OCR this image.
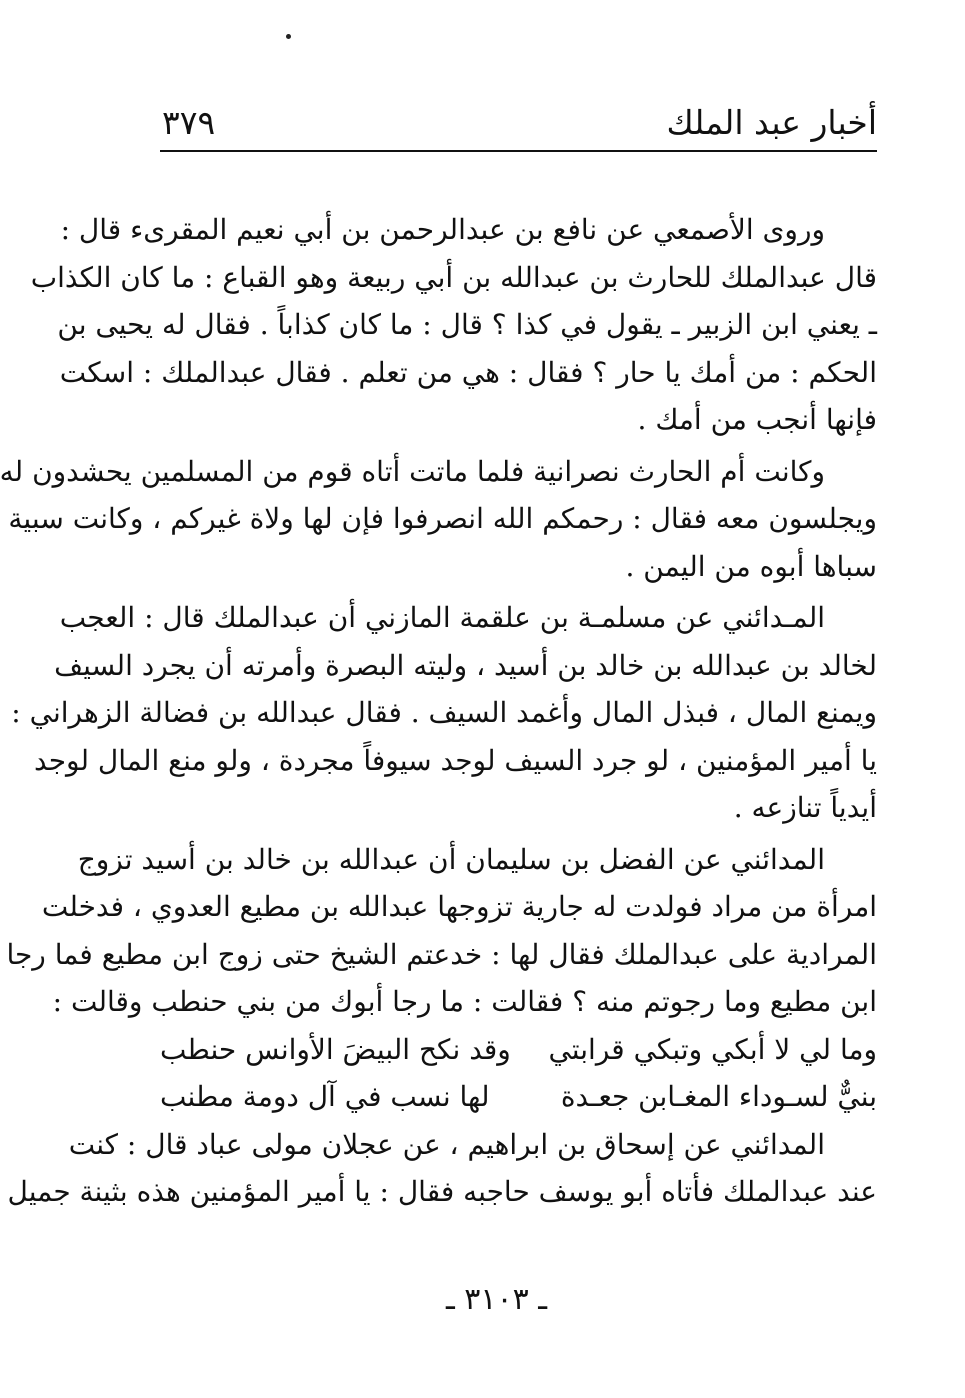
أخبار عبد الملك
٣٧٩
وروى الأصمعي عن نافع بن عبدالرحمن بن أبي نعيم المقرىء قال :
قال عبدالملك للحارث بن عبدالله بن أبي ربيعة وهو القباع : ما كان الكذاب
ـ يعني ابن الزبير ـ يقول في كذا ؟ قال : ما كان كذاباً . فقال له يحيى بن
الحكم : من أمك يا حار ؟ فقال : هي من تعلم . فقال عبدالملك : اسكت
فإنها أنجب من أمك .
وكانت أم الحارث نصرانية فلما ماتت أتاه قوم من المسلمين يحشدون له
ويجلسون معه فقال : رحمكم الله انصرفوا فإن لها ولاة غيركم ، وكانت سبية
سباها أبوه من اليمن .
المـدائني عن مسلمـة بن علقمة المازني أن عبدالملك قال : العجب
لخالد بن عبدالله بن خالد بن أسيد ، وليته البصرة وأمرته أن يجرد السيف
ويمنع المال ، فبذل المال وأغمد السيف . فقال عبدالله بن فضالة الزهراني :
يا أمير المؤمنين ، لو جرد السيف لوجد سيوفاً مجردة ، ولو منع المال لوجد
أيدياً تنازعه .
المدائني عن الفضل بن سليمان أن عبدالله بن خالد بن أسيد تزوج
امرأة من مراد فولدت له جارية تزوجها عبدالله بن مطيع العدوي ، فدخلت
المرادية على عبدالملك فقال لها : خدعتم الشيخ حتى زوج ابن مطيع فما رجا
ابن مطيع وما رجوتم منه ؟ فقالت : ما رجا أبوك من بني حنطب وقالت :
وما لي لا أبكي وتبكي قرابتي
وقد نكح البيضَ الأوانس حنطب
بنيٌّ لسـوداء المغـابن جعـدة
لها نسب في آل دومة مطنب
المدائني عن إسحاق بن ابراهيم ، عن عجلان مولى عباد قال : كنت
عند عبدالملك فأتاه أبو يوسف حاجبه فقال : يا أمير المؤمنين هذه بثينة جميل
ـ ٣١٠٣ ـ
